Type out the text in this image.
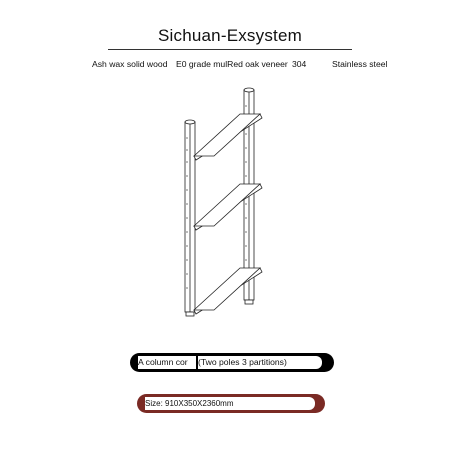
Sichuan-Exsystem
Ash wax solid wood E0 grade mulRed oak veneer 304	Stainless steel
A column cor	(Two poles 3 partitions)
Size: 910X350X2360mm
